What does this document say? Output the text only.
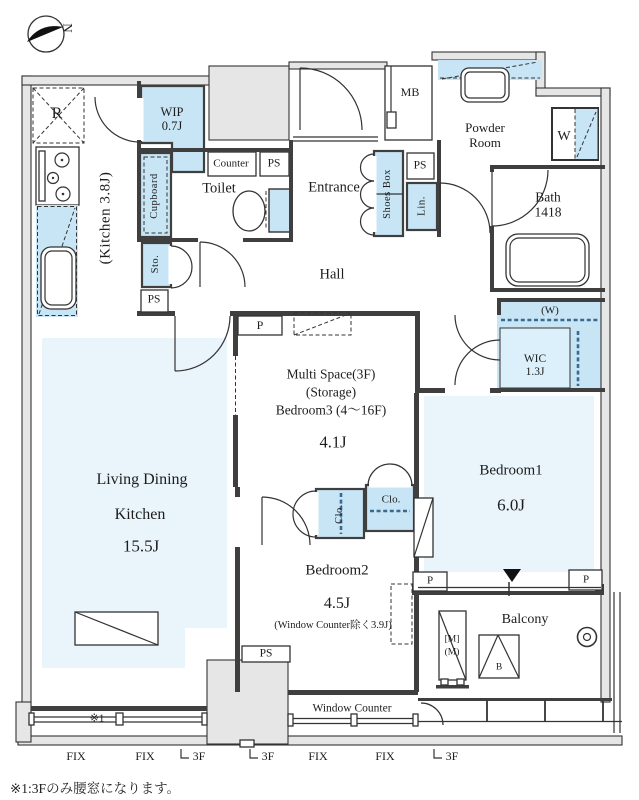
N
R
(Kitchen 3.8J)
WIP
0.7J
Cupboard
Counter PS
Toilet	Entrance
MB
Shoes Box
PS
Lin.
Powder Room	W
Bath
1418
Hall
Sto.
PS
P
Multi Space(3F)
(Storage)
Bedroom3 (4〜16F)
4.1J
(W)
WIC
1.3J
Bedroom1
6.0J
Living Dining
Kitchen
15.5J
Clo.
Clo.
Bedroom2
4.5J
(Window Counter除く3.9J)	Balcony
[M]
(M)
B
P	P
PS
Window Counter
※1
FIX	FIX	3F	3F	FIX	FIX	3F
※1:3Fのみ腰窓になります。
